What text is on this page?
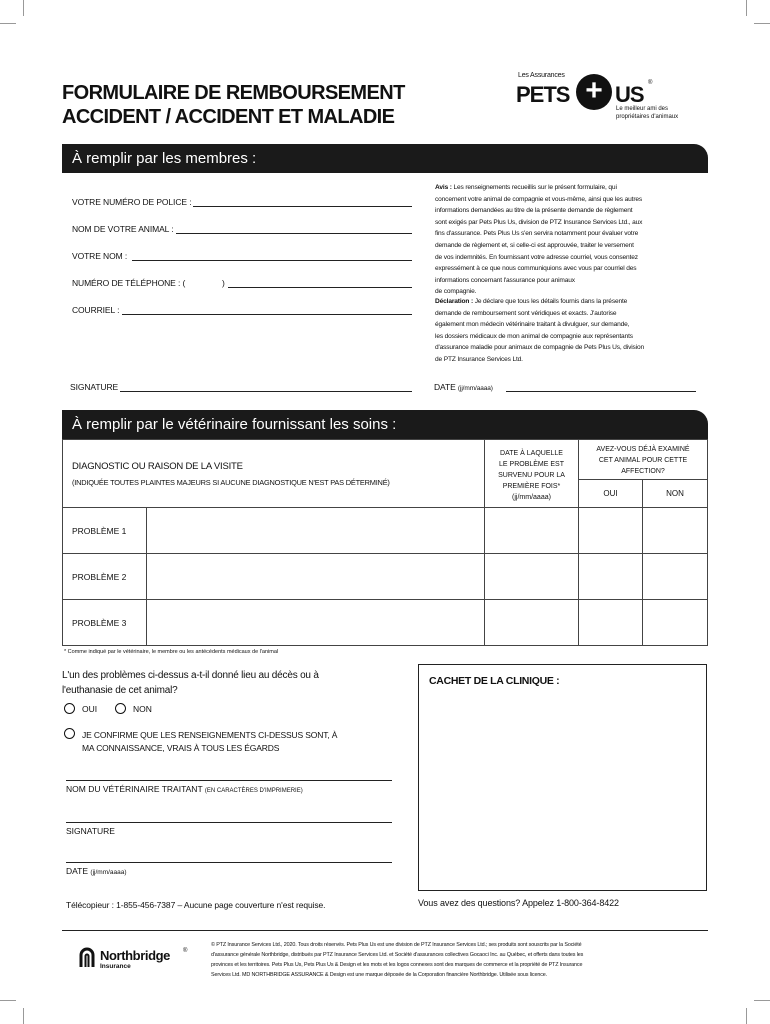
FORMULAIRE DE REMBOURSEMENT
ACCIDENT / ACCIDENT ET MALADIE
Les Assurances
PETS + US ®
Le meilleur ami des
propriétaires d'animaux
À remplir par les membres :
VOTRE NUMÉRO DE POLICE :
NOM DE VOTRE ANIMAL :
VOTRE NOM :
NUMÉRO DE TÉLÉPHONE : (	)
COURRIEL :
Avis : Les renseignements recueillis sur le présent formulaire, qui
concernent votre animal de compagnie et vous-même, ainsi que les autres
informations demandées au titre de la présente demande de règlement
sont exigés par Pets Plus Us, division de PTZ Insurance Services Ltd., aux
fins d'assurance. Pets Plus Us s'en servira notamment pour évaluer votre
demande de règlement et, si celle-ci est approuvée, traiter le versement
de vos indemnités. En fournissant votre adresse courriel, vous consentez
expressément à ce que nous communiquions avec vous par courriel des
informations concernant l'assurance pour animaux
de compagnie.
Déclaration : Je déclare que tous les détails fournis dans la présente
demande de remboursement sont véridiques et exacts. J'autorise
également mon médecin vétérinaire traitant à divulguer, sur demande,
les dossiers médicaux de mon animal de compagnie aux représentants
d'assurance maladie pour animaux de compagnie de Pets Plus Us, division
de PTZ Insurance Services Ltd.
SIGNATURE	DATE (jj/mm/aaaa)
À remplir par le vétérinaire fournissant les soins :
DIAGNOSTIC OU RAISON DE LA VISITE
(INDIQUÉE TOUTES PLAINTES MAJEURS SI AUCUNE DIAGNOSTIQUE N'EST PAS DÉTERMINÉ)
DATE À LAQUELLE
LE PROBLÈME EST
SURVENU POUR LA
PREMIÈRE FOIS*
(jj/mm/aaaa)
AVEZ-VOUS DÉJÀ EXAMINÉ
CET ANIMAL POUR CETTE
AFFECTION?
OUI	NON
PROBLÈME 1
PROBLÈME 2
PROBLÈME 3
* Comme indiqué par le vétérinaire, le membre ou les antécédents médicaux de l'animal
L'un des problèmes ci-dessus a-t-il donné lieu au décès ou à
l'euthanasie de cet animal?
OUI	NON
JE CONFIRME QUE LES RENSEIGNEMENTS CI-DESSUS SONT, À
MA CONNAISSANCE, VRAIS À TOUS LES ÉGARDS
NOM DU VÉTÉRINAIRE TRAITANT (EN CARACTÈRES D'IMPRIMERIE)
SIGNATURE
DATE (jj/mm/aaaa)
CACHET DE LA CLINIQUE :
Télécopieur : 1-855-456-7387 – Aucune page couverture n'est requise.	Vous avez des questions? Appelez 1-800-364-8422
Northbridge ®
Insurance
© PTZ Insurance Services Ltd., 2020. Tous droits réservés. Pets Plus Us est une division de PTZ Insurance Services Ltd.; ses produits sont souscrits par la Société
d'assurance générale Northbridge, distribués par PTZ Insurance Services Ltd. et Société d'assurances collectives Gocaoci Inc. au Québec, et offerts dans toutes les
provinces et les territoires. Pets Plus Us, Pets Plus Us & Design et les mots et les logos connexes sont des marques de commerce et la propriété de PTZ Insurance
Services Ltd. MD NORTHBRIDGE ASSURANCE & Design est une marque déposée de la Corporation financière Northbridge. Utilisée sous licence.
